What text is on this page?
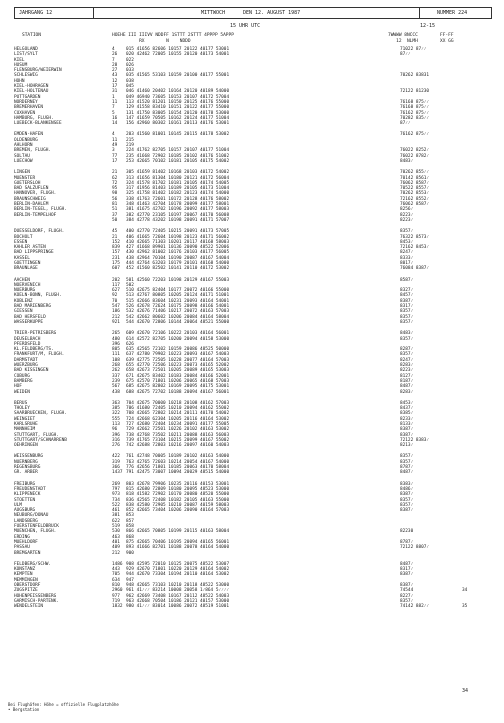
JAHRGANG 12	MITTWOCH	DEN 12. AUGUST 1987	NUMMER 224
15 UHR UTC	12-15
STATION	HOEHE III IIIVV NDDFF 1STTT 2STTT 4PPPP 5APPP
RX        N    NDDD
7WWWW 8NCCC
12  NLMH
FF-FF
XX GG
HELGOLAND	4	015 41656 82606 10157 20122 40177 53001	71022 87⁄⁄
LIST/SYLT	26 020 42462 72005 10155 20120 40173 54001	87⁄⁄
KIEL	7	022
HUSUM	28 026
FLENSBURG/WEIERWIN	27 033
SCHLESWIG	43 035 41565 53103 10159 20100 40177 55001	70262 83831
HOHN	12 038
KIEL-HOHRAGEN	17 045
KIEL-HOLTENAU	31 046 41460 20402 10164 20120 40189 54000	72122 81230
PUTTGARDEN	1	049 46940 73605 10153 20107 40172 57004
NORDERNEY	11 113 41520 81201 10150 20125 40176 55000	76168 875⁄⁄
BREMERHAVEN	7	129 41558 83410 10151 20122 40177 55000	76168 875⁄⁄
CUXHAVEN	5	131 41750 83005 10154 20120 40178 53000	76162 875⁄⁄
HAMBURG, FLUGH.	16 147 41659 70505 10162 20124 40177 51004	70282 835⁄⁄
LUEBECK-BLANKENSEE	14 156 42960 80302 10161 20113 40176 53001	87⁄⁄
EMDEN-HAFEN	4	203 41560 81001 10145 20115 40178 53002	76162 875⁄⁄
OLDENBURG	11 215
AHLHORN	49 219
BREMEN, FLUGH.	3	224 41762 82705 10157 20107 40177 51004	76022 8252⁄
SOLTAU	77 235 41668 72902 10185 20102 40176 51002	76022 8782⁄
LUECHOW	17 253 42665 70102 10181 20105 40175 54002	8483⁄
LINGEN	21 305 41659 81402 10168 20103 40172 54002	70262 855⁄⁄
MUENSTER	62 313 41656 81304 10180 20121 40172 56004	70142 8561⁄
GUETERSLOH	72 324 41578 81702 10181 20105 40174 54005	76062 8587⁄
BAD SALZUFLEN	95 317 41956 81403 10189 20105 40173 51004	70522 8557⁄
HANNOVER, FLUGH.	98 325 41758 81402 10182 20123 40174 54000	70262 8553⁄
BRAUNSCHWEIG	56 338 41763 72601 10172 20128 40176 58002	72162 8552⁄
BERLIN-DAHLEM	81 348 41463 42704 10178 20099 40177 58001	76062 8587⁄
BERLIN-TEGEL, FLUGH.	51 381 41675 42702 10196 20092 40177 58003	8256⁄
BERLIN-TEMPELHOF	37 382 42770 23105 10197 20067 40170 56008	8223⁄
50 384 42778 43202 10198 20091 40171 57007	8223⁄
DUESSELDORF, FLUGH.	45 400 42770 72405 10215 20091 40173 57005	8357⁄
BOCHOLT	21 406 41665 72604 10198 20123 40171 56002	76322 8573⁄
ESSEN	152 410 42665 71303 10201 20117 40168 58003	8453⁄
KAHLER ASTEN	839 427 41668 89901 10136 20090 48522 52006	72162 8453⁄
BAD LIPPSPRINGE	157 430 42962 81002 10176 20103 40177 56005	8247⁄
KASSEL	231 438 42964 70104 10190 20087 40167 54004	8333⁄
GOETTINGEN	175 444 42764 63203 10179 20101 40168 54000	8017⁄
BRAUNLAGE	607 452 41560 82502 10141 20110 40172 53002	76084 8387⁄
AACHEN	202 501 42560 72203 10198 20129 40167 55003	8587⁄
NOERVENICH	117 502
NUERBURG	627 510 42675 82404 10177 20072 40166 55000	8327⁄
KOELN-BONN, FLUGH.	92 513 42767 80805 10205 20124 40171 51001	8457⁄
KOBLENZ	70 515 42666 83604 10231 20093 40164 54001	8387⁄
BAD MARIENBERG	547 526 42678 72624 10175 20098 40166 54001	8317⁄
GIESSEN	186 532 42676 71406 10217 20072 40163 57003	8357⁄
BAD HERSFELD	212 542 42662 80602 10206 20084 40164 58004	8357⁄
WASSERKUPPE	921 544 42670 72806 10144 20064 48521 55000	8357⁄
TRIER-PETRISBERG	265 609 42670 72106 10222 20103 40164 56001	8483⁄
DEUSELBACH	480 614 42572 82705 10200 20094 40158 53000	8357⁄
PFERDSFELD	396 626
KL.FELDBERG/TS.	805 635 42565 72102 10159 20086 48525 50000	8287⁄
FRANKFURT/M, FLUGH.	111 637 42780 79902 10223 20093 40167 54003	8357⁄
DARMSTADT	108 639 42775 72505 10228 20077 40164 57003	8247⁄
WUERZBURG	268 655 42770 72506 10223 20073 40165 52002	8283⁄
BAD KISSINGEN	262 658 42673 72501 10205 20089 40165 53003	8223⁄
COBURG	337 671 42675 83402 10183 20084 40166 52001	8127⁄
BAMBERG	239 675 42570 71801 10206 20065 40168 57003	8187⁄
HOF	567 685 42675 82802 10169 20095 40175 53001	8487⁄
WEIDEN	438 688 42675 72702 10188 20094 40167 56001	8283⁄
BERUS	363 704 42675 70000 10218 20108 40162 57003	8453⁄
THOLEY	385 706 41680 72405 10210 20094 40162 55002	8437⁄
SAARBRUECKEN, FLUGH.	322 708 42665 72802 10214 20111 40170 54002	8385⁄
WEINGIET	555 724 42668 62304 10205 20116 40164 53002	8233⁄
KARLSRUHE	113 727 42680 72404 10234 20091 40177 55005	8133⁄
MANNHEIM	96 729 42662 72501 10226 20102 40163 53002	8387⁄
STUTTGART, FLUGH.	396 738 42768 73502 10211 20088 40163 56003	8387⁄
STUTTGART/SCHNARRENB	316 739 41765 73104 10215 20099 40167 55002	72122 8383⁄
OEHRINGEN	276 742 42688 72803 10216 20097 40160 54003	8213⁄
WEISSENBURG	422 761 42748 70005 10189 20102 40163 54000	8357⁄
NUERNBERG	319 763 42765 72603 10214 20054 40167 54000	8357⁄
REGENSBURG	366 776 42656 71801 10185 20063 40170 58004	8787⁄
GR. ARBER	1437 791 42475 73007 10094 20029 48515 54000	8487⁄
FREIBURG	269 803 42678 79906 10235 20116 40153 53001	8383⁄
FREUDENSTADT	797 815 42680 72809 10180 20095 48523 53000	8486⁄
KLIPPENECK	973 818 41582 72902 10170 20080 48520 55000	8387⁄
STOETTEN	734 836 42565 72408 10182 20105 40163 55000	8357⁄
ULM	522 838 42580 72905 10210 20087 40159 58003	8357⁄
AUGSBURG	461 852 42665 73404 10206 20090 40164 57003	8387⁄
NEUBURG/DONAU	381 853
LANDSBERG	622 857
FUERSTENFELDBRUCK	519 858
MUENCHEN, FLUGH.	530 866 42665 70805 10199 20115 40163 58004	82230
ERDING	463 868
MUEHLDORF	401 875 42665 70406 10195 20094 40165 56001	8787⁄
PASSAU	409 893 41666 82701 10188 20078 40164 54000	72122 8807⁄
BREMGARTEN	212 900
FELDBERG/SCHW.	1486 908 42595 72010 10125 20075 48522 53007	8487⁄
KONSTANZ	443 929 42670 71801 10220 20129 40164 54002	8317⁄
KEMPTEN	705 944 42670 73304 10194 20110 40164 53002	8387⁄
MEMMINGEN	634 947
OBERSTDORF	810 948 42665 73103 10210 20118 48522 53000	8387⁄
ZUGSPITZE	2960 961 41⁄⁄⁄ 83214 10008 20058 1⁄864 5⁄⁄⁄⁄	74544	34
HOHENPEISSENBERG	977 962 42669 73408 10167 20112 48522 54003	8227⁄
GARMISCH-PARTENK.	719 963 42668 70504 10186 20121 40157 53000	8357⁄
WENDELSTEIN	1832 980 41⁄⁄⁄ 83014 10086 20072 48519 51001	74142 882⁄⁄	35
34
Bei Flughäfen: Höhe = offizielle Flugplatzhöhe
• Bergstation
